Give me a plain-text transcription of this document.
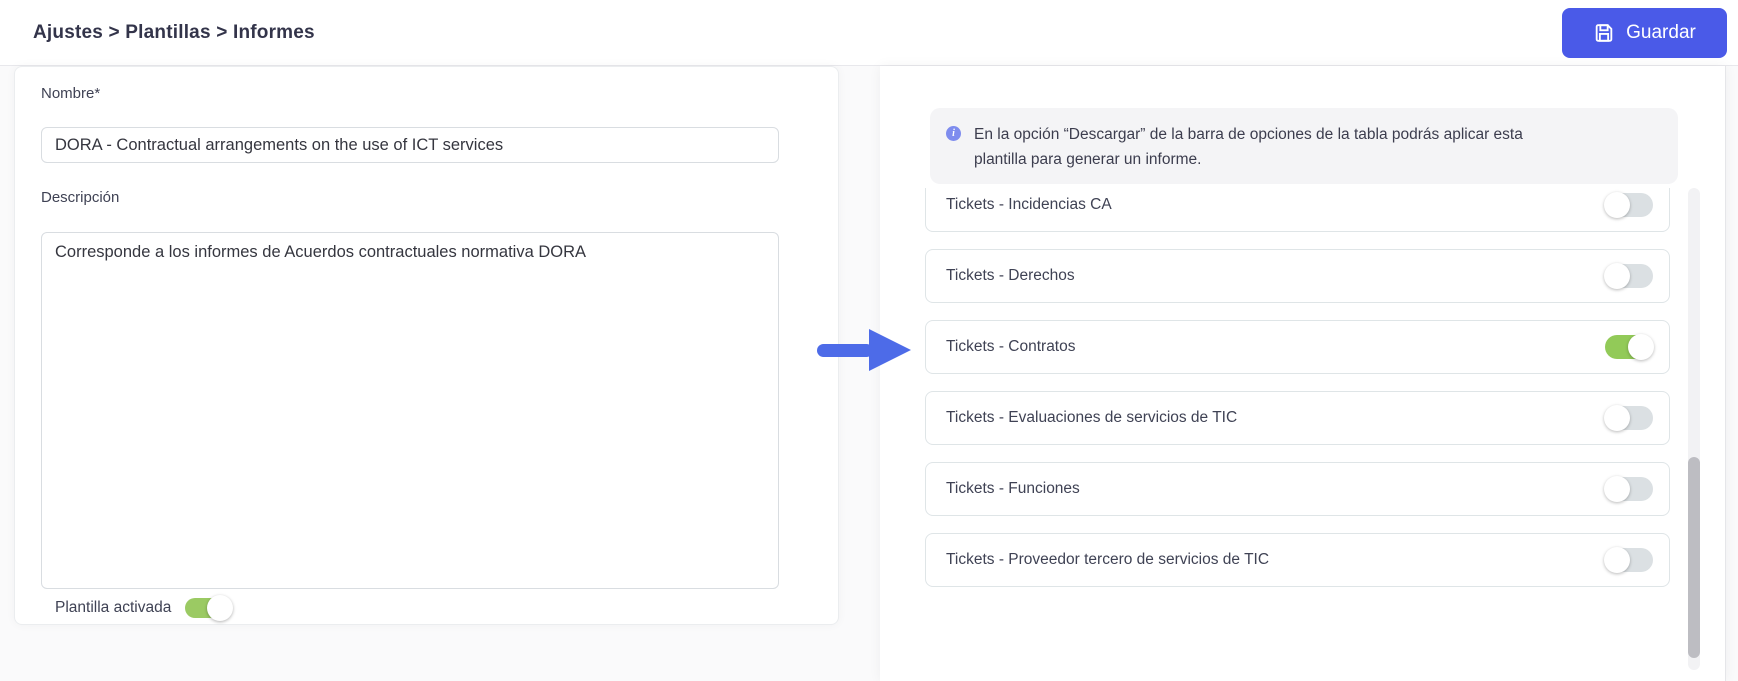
Ajustes > Plantillas > Informes	Guardar
Nombre*
DORA - Contractual arrangements on the use of ICT services
Descripción
Corresponde a los informes de Acuerdos contractuales normativa DORA
Plantilla activada
i	En la opción “Descargar” de la barra de opciones de la tabla podrás aplicar esta plantilla para generar un informe.
Tickets - Incidencias CA
Tickets - Derechos
Tickets - Contratos
Tickets - Evaluaciones de servicios de TIC
Tickets - Funciones
Tickets - Proveedor tercero de servicios de TIC
